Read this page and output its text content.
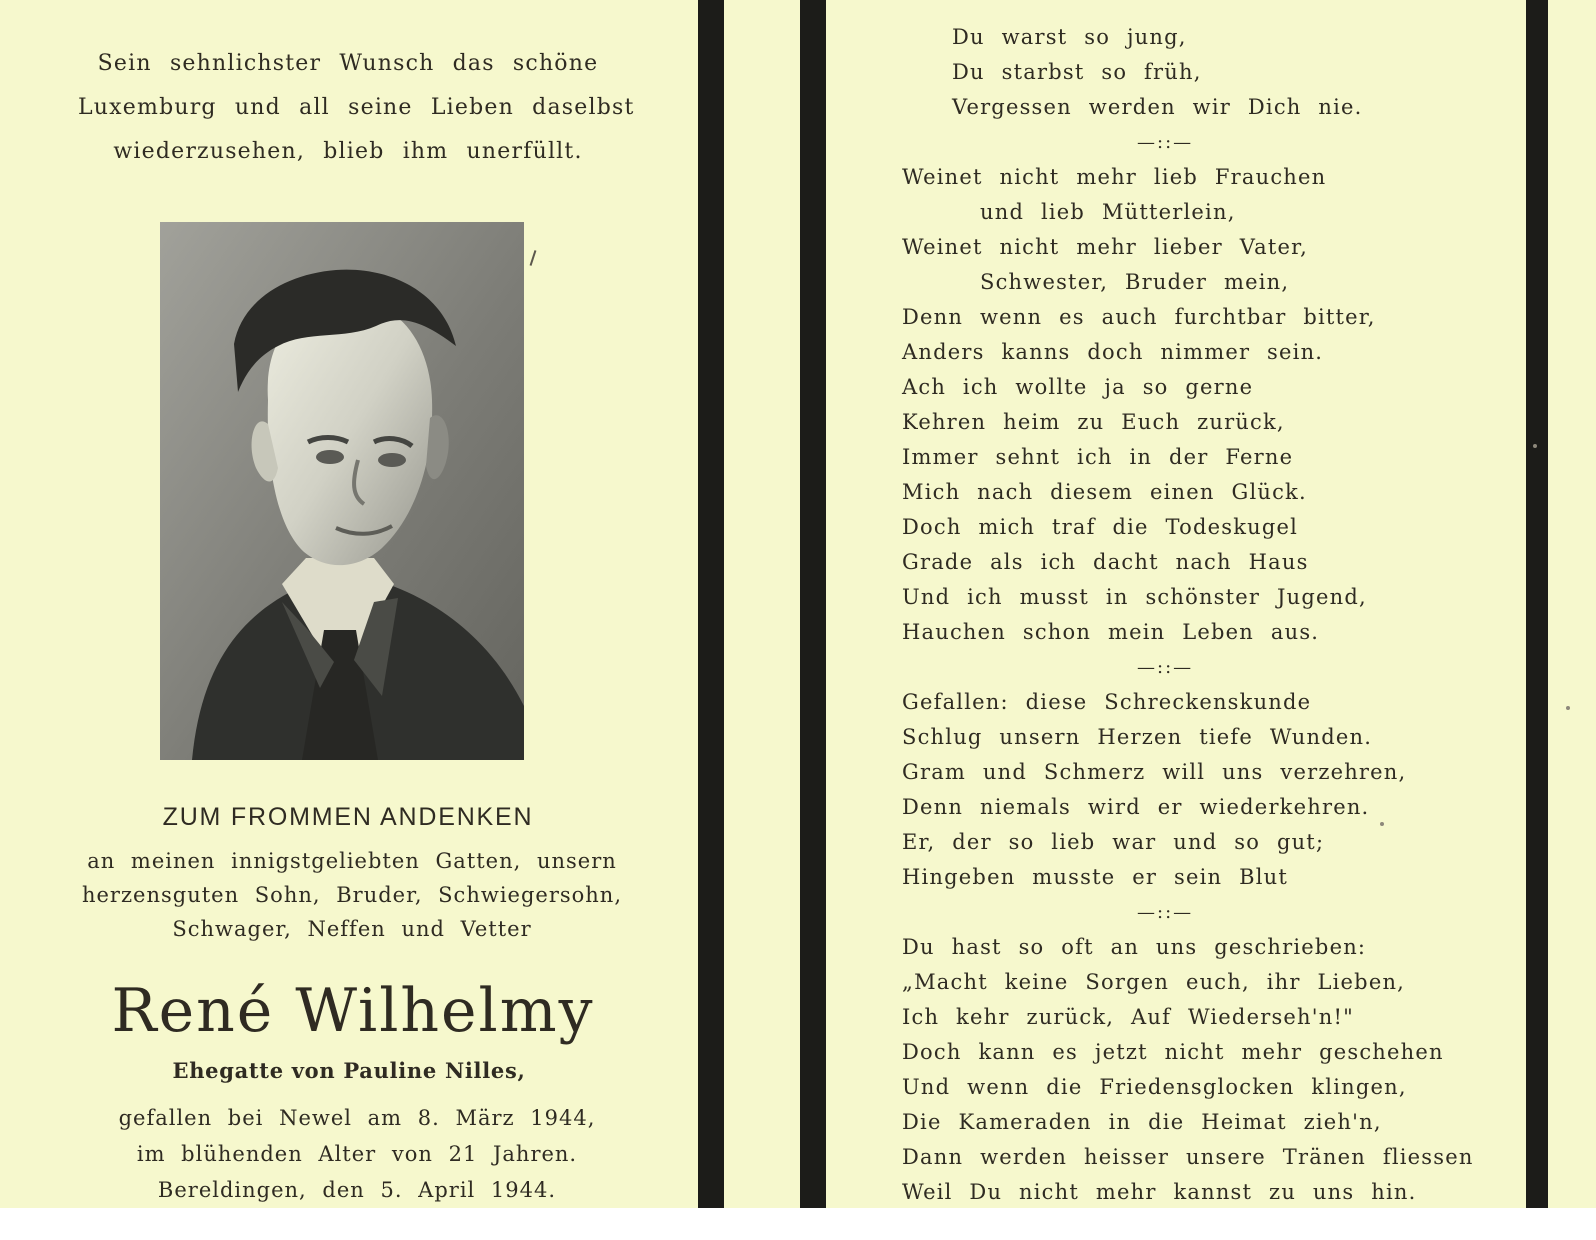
Sein sehnlichster Wunsch das schöne
Luxemburg und all seine Lieben daselbst
wiederzusehen, blieb ihm unerfüllt.
ZUM FROMMEN ANDENKEN
an meinen innigstgeliebten Gatten, unsern
herzensguten Sohn, Bruder, Schwiegersohn,
Schwager, Neffen und Vetter
René Wilhelmy
Ehegatte von Pauline Nilles,
gefallen bei Newel am 8. März 1944,
im blühenden Alter von 21 Jahren.
Bereldingen, den 5. April 1944.
Du warst so jung,
Du starbst so früh,
Vergessen werden wir Dich nie.
—::—
Weinet nicht mehr lieb Frauchen
und lieb Mütterlein,
Weinet nicht mehr lieber Vater,
Schwester, Bruder mein,
Denn wenn es auch furchtbar bitter,
Anders kanns doch nimmer sein.
Ach ich wollte ja so gerne
Kehren heim zu Euch zurück,
Immer sehnt ich in der Ferne
Mich nach diesem einen Glück.
Doch mich traf die Todeskugel
Grade als ich dacht nach Haus
Und ich musst in schönster Jugend,
Hauchen schon mein Leben aus.
—::—
Gefallen: diese Schreckenskunde
Schlug unsern Herzen tiefe Wunden.
Gram und Schmerz will uns verzehren,
Denn niemals wird er wiederkehren.
Er, der so lieb war und so gut;
Hingeben musste er sein Blut
—::—
Du hast so oft an uns geschrieben:
„Macht keine Sorgen euch, ihr Lieben,
Ich kehr zurück, Auf Wiederseh'n!"
Doch kann es jetzt nicht mehr geschehen
Und wenn die Friedensglocken klingen,
Die Kameraden in die Heimat zieh'n,
Dann werden heisser unsere Tränen fliessen
Weil Du nicht mehr kannst zu uns hin.
